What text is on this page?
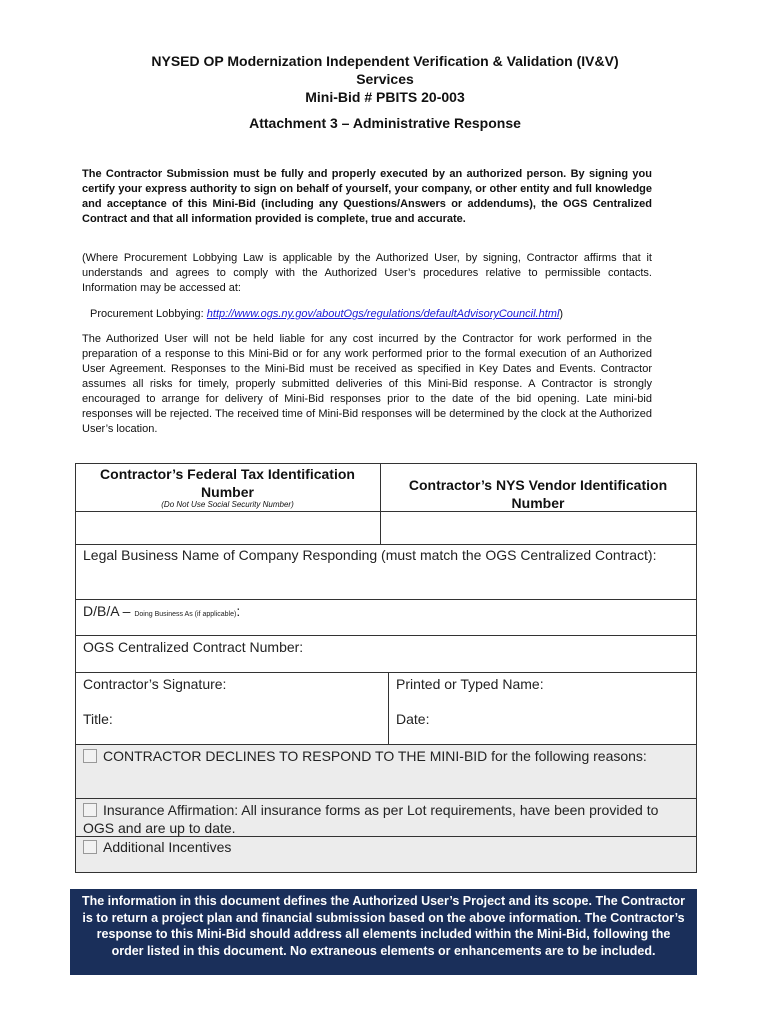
NYSED OP Modernization Independent Verification & Validation (IV&V)
Services
Mini-Bid # PBITS 20-003
Attachment 3 – Administrative Response
The Contractor Submission must be fully and properly executed by an authorized person. By signing you certify your express authority to sign on behalf of yourself, your company, or other entity and full knowledge and acceptance of this Mini-Bid (including any Questions/Answers or addendums), the OGS Centralized Contract and that all information provided is complete, true and accurate.
(Where Procurement Lobbying Law is applicable by the Authorized User, by signing, Contractor affirms that it understands and agrees to comply with the Authorized User’s procedures relative to permissible contacts. Information may be accessed at:
Procurement Lobbying: http://www.ogs.ny.gov/aboutOgs/regulations/defaultAdvisoryCouncil.html)
The Authorized User will not be held liable for any cost incurred by the Contractor for work performed in the preparation of a response to this Mini-Bid or for any work performed prior to the formal execution of an Authorized User Agreement. Responses to the Mini-Bid must be received as specified in Key Dates and Events. Contractor assumes all risks for timely, properly submitted deliveries of this Mini-Bid response. A Contractor is strongly encouraged to arrange for delivery of Mini-Bid responses prior to the date of the bid opening. Late mini-bid responses will be rejected. The received time of Mini-Bid responses will be determined by the clock at the Authorized User’s location.
Contractor’s Federal Tax Identification Number
(Do Not Use Social Security Number)
Contractor’s NYS Vendor Identification Number
Legal Business Name of Company Responding (must match the OGS Centralized Contract):
D/B/A – Doing Business As (if applicable):
OGS Centralized Contract Number:
Contractor’s Signature:	Printed or Typed Name:
Title:	Date:
CONTRACTOR DECLINES TO RESPOND TO THE MINI-BID for the following reasons:
Insurance Affirmation: All insurance forms as per Lot requirements, have been provided to OGS and are up to date.
Additional Incentives
The information in this document defines the Authorized User’s Project and its scope. The Contractor is to return a project plan and financial submission based on the above information. The Contractor’s response to this Mini-Bid should address all elements included within the Mini-Bid, following the order listed in this document. No extraneous elements or enhancements are to be included.
